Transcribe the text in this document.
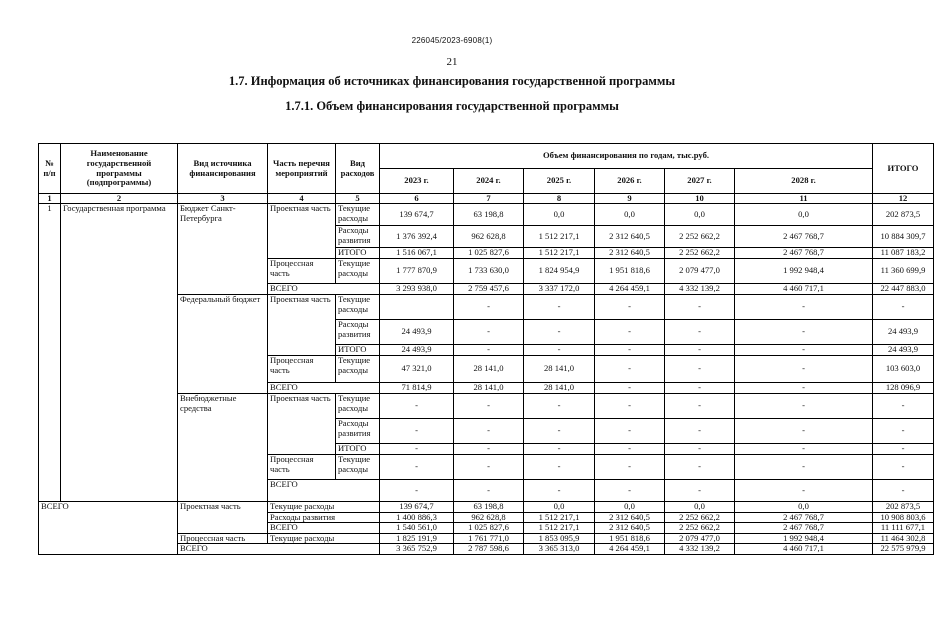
226045/2023-6908(1)
21
1.7. Информация об источниках финансирования государственной программы
1.7.1. Объем финансирования государственной программы
№ п/п	Наименование государственной программы (подпрограммы)	Вид источника финансирования	Часть перечня мероприятий	Вид расходов	Объем финансирования по годам, тыс.руб.						ИТОГО
					2023 г.	2024 г.	2025 г.	2026 г.	2027 г.	2028 г.	
1	2	3	4	5	6	7	8	9	10	11	12
1	Государственная программа	Бюджет Санкт-Петербурга	Проектная часть	Текущие расходы	139 674,7	63 198,8	0,0	0,0	0,0	0,0	202 873,5
				Расходы развития	1 376 392,4	962 628,8	1 512 217,1	2 312 640,5	2 252 662,2	2 467 768,7	10 884 309,7
				ИТОГО	1 516 067,1	1 025 827,6	1 512 217,1	2 312 640,5	2 252 662,2	2 467 768,7	11 087 183,2
			Процессная часть	Текущие расходы	1 777 870,9	1 733 630,0	1 824 954,9	1 951 818,6	2 079 477,0	1 992 948,4	11 360 699,9
			ВСЕГО		3 293 938,0	2 759 457,6	3 337 172,0	4 264 459,1	4 332 139,2	4 460 717,1	22 447 883,0
		Федеральный бюджет	Проектная часть	Текущие расходы		-	-	-	-	-	-
				Расходы развития	24 493,9	-	-	-	-	-	24 493,9
				ИТОГО	24 493,9	-	-	-	-	-	24 493,9
			Процессная часть	Текущие расходы	47 321,0	28 141,0	28 141,0	-	-	-	103 603,0
			ВСЕГО		71 814,9	28 141,0	28 141,0	-	-	-	128 096,9
		Внебюджетные средства	Проектная часть	Текущие расходы	-	-	-	-	-	-	-
				Расходы развития	-	-	-	-	-	-	-
				ИТОГО	-	-	-	-	-	-	-
			Процессная часть	Текущие расходы	-	-	-	-	-	-	-
			ВСЕГО		-	-	-	-	-	-	-
ВСЕГО		Проектная часть	Текущие расходы		139 674,7	63 198,8	0,0	0,0	0,0	0,0	202 873,5
			Расходы развития		1 400 886,3	962 628,8	1 512 217,1	2 312 640,5	2 252 662,2	2 467 768,7	10 908 803,6
			ВСЕГО		1 540 561,0	1 025 827,6	1 512 217,1	2 312 640,5	2 252 662,2	2 467 768,7	11 111 677,1
		Процессная часть	Текущие расходы		1 825 191,9	1 761 771,0	1 853 095,9	1 951 818,6	2 079 477,0	1 992 948,4	11 464 302,8
		ВСЕГО			3 365 752,9	2 787 598,6	3 365 313,0	4 264 459,1	4 332 139,2	4 460 717,1	22 575 979,9
